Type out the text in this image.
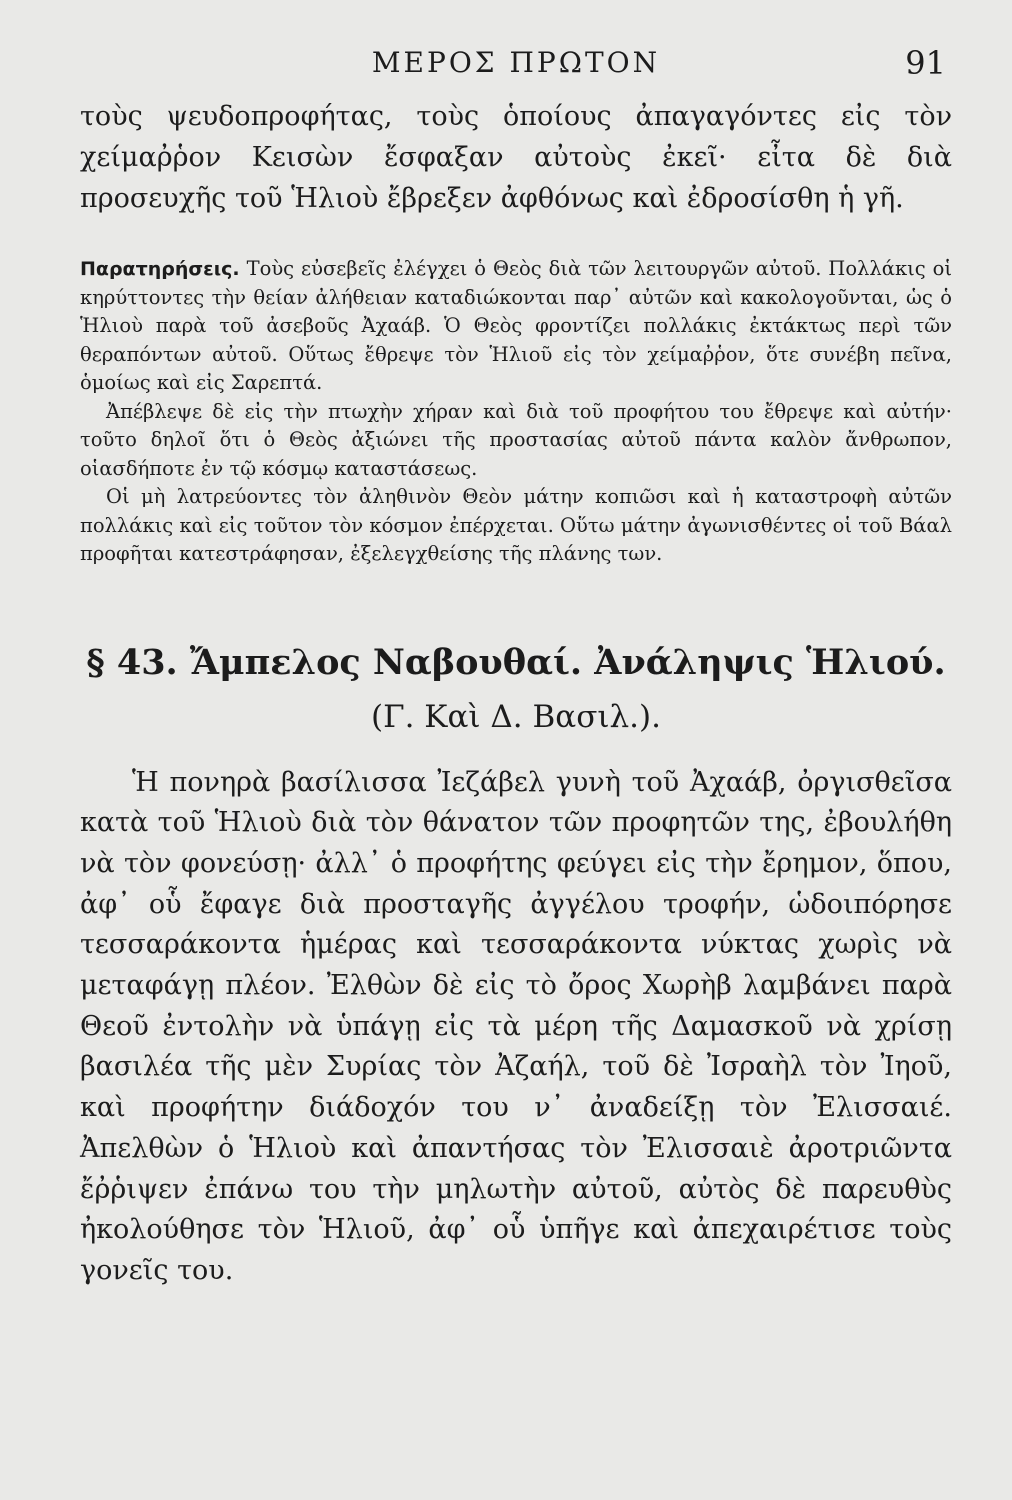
ΜΕΡΟΣ ΠΡΩΤΟΝ	91

τοὺς ψευδοπροφήτας, τοὺς ὁποίους ἀπαγαγόντες εἰς τὸν χείμαῤῥον Κεισὼν ἔσφαξαν αὐτοὺς ἐκεῖ· εἶτα δὲ διὰ προσευχῆς τοῦ Ἡλιοὺ ἔβρεξεν ἀφθόνως καὶ ἐδροσίσθη ἡ γῆ.

Παρατηρήσεις. Τοὺς εὐσεβεῖς ἐλέγχει ὁ Θεὸς διὰ τῶν λειτουργῶν αὐτοῦ. Πολλάκις οἱ κηρύττοντες τὴν θείαν ἀλήθειαν καταδιώκονται παρ᾽ αὐτῶν καὶ κακολογοῦνται, ὡς ὁ Ἡλιοὺ παρὰ τοῦ ἀσεβοῦς Ἀχαάβ. Ὁ Θεὸς φροντίζει πολλάκις ἐκτάκτως περὶ τῶν θεραπόντων αὐτοῦ. Οὕτως ἔθρεψε τὸν Ἡλιοῦ εἰς τὸν χείμαῤῥον, ὅτε συνέβη πεῖνα, ὁμοίως καὶ εἰς Σαρεπτά.

Ἀπέβλεψε δὲ εἰς τὴν πτωχὴν χήραν καὶ διὰ τοῦ προφήτου του ἔθρεψε καὶ αὐτήν· τοῦτο δηλοῖ ὅτι ὁ Θεὸς ἀξιώνει τῆς προστασίας αὐτοῦ πάντα καλὸν ἄνθρωπον, οἱασδήποτε ἐν τῷ κόσμῳ καταστάσεως.

Οἱ μὴ λατρεύοντες τὸν ἀληθινὸν Θεὸν μάτην κοπιῶσι καὶ ἡ καταστροφὴ αὐτῶν πολλάκις καὶ εἰς τοῦτον τὸν κόσμον ἐπέρχεται. Οὕτω μάτην ἀγωνισθέντες οἱ τοῦ Βάαλ προφῆται κατεστράφησαν, ἐξελεγχθείσης τῆς πλάνης των.

§ 43. Ἄμπελος Ναβουθαί. Ἀνάληψις Ἡλιού.
(Γ. Καὶ Δ. Βασιλ.).

Ἡ πονηρὰ βασίλισσα Ἰεζάβελ γυνὴ τοῦ Ἀχαάβ, ὀργισθεῖσα κατὰ τοῦ Ἡλιοὺ διὰ τὸν θάνατον τῶν προφητῶν της, ἐβουλήθη νὰ τὸν φονεύσῃ· ἀλλ᾽ ὁ προφήτης φεύγει εἰς τὴν ἔρημον, ὅπου, ἀφ᾽ οὗ ἔφαγε διὰ προσταγῆς ἀγγέλου τροφήν, ὡδοιπόρησε τεσσαράκοντα ἡμέρας καὶ τεσσαράκοντα νύκτας χωρὶς νὰ μεταφάγῃ πλέον. Ἐλθὼν δὲ εἰς τὸ ὄρος Χωρὴβ λαμβάνει παρὰ Θεοῦ ἐντολὴν νὰ ὑπάγῃ εἰς τὰ μέρη τῆς Δαμασκοῦ νὰ χρίσῃ βασιλέα τῆς μὲν Συρίας τὸν Ἀζαήλ, τοῦ δὲ Ἰσραὴλ τὸν Ἰηοῦ, καὶ προφήτην διάδοχόν του ν᾽ ἀναδείξῃ τὸν Ἐλισσαιέ. Ἀπελθὼν ὁ Ἡλιοὺ καὶ ἀπαντήσας τὸν Ἐλισσαιὲ ἀροτριῶντα ἔῤῥιψεν ἐπάνω του τὴν μηλωτὴν αὐτοῦ, αὐτὸς δὲ παρευθὺς ἠκολούθησε τὸν Ἡλιοῦ, ἀφ᾽ οὗ ὑπῆγε καὶ ἀπεχαιρέτισε τοὺς γονεῖς του.
